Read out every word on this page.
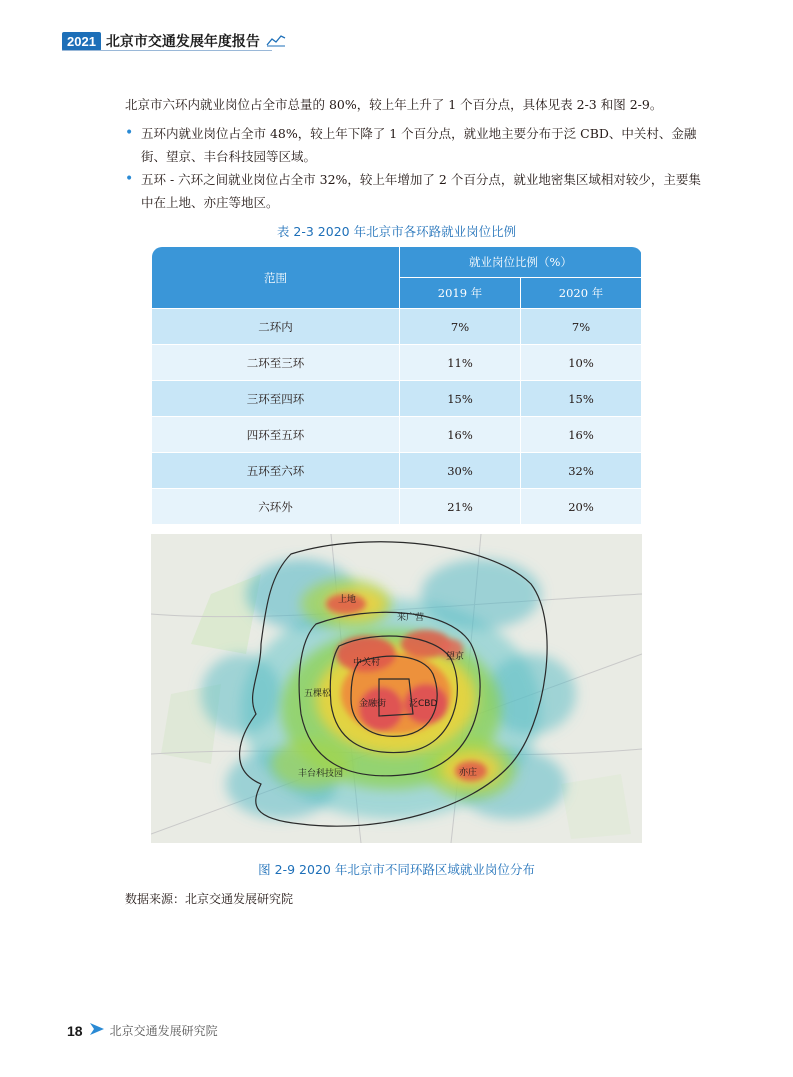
2021 北京市交通发展年度报告

北京市六环内就业岗位占全市总量的 80%，较上年上升了 1 个百分点，具体见表 2-3 和图 2-9。

• 五环内就业岗位占全市 48%，较上年下降了 1 个百分点，就业地主要分布于泛 CBD、中关村、金融街、望京、丰台科技园等区域。
• 五环 - 六环之间就业岗位占全市 32%，较上年增加了 2 个百分点，就业地密集区域相对较少，主要集中在上地、亦庄等地区。
表 2-3 2020 年北京市各环路就业岗位比例
范围	就业岗位比例（%）	
	2019 年	2020 年
二环内	7%	7%
二环至三环	11%	10%
三环至四环	15%	15%
四环至五环	16%	16%
五环至六环	30%	32%
六环外	21%	20%
上地
来广营
中关村
望京
五棵松
金融街	泛CBD
丰台科技园	亦庄
图 2-9 2020 年北京市不同环路区域就业岗位分布
数据来源：北京交通发展研究院
18 北京交通发展研究院
